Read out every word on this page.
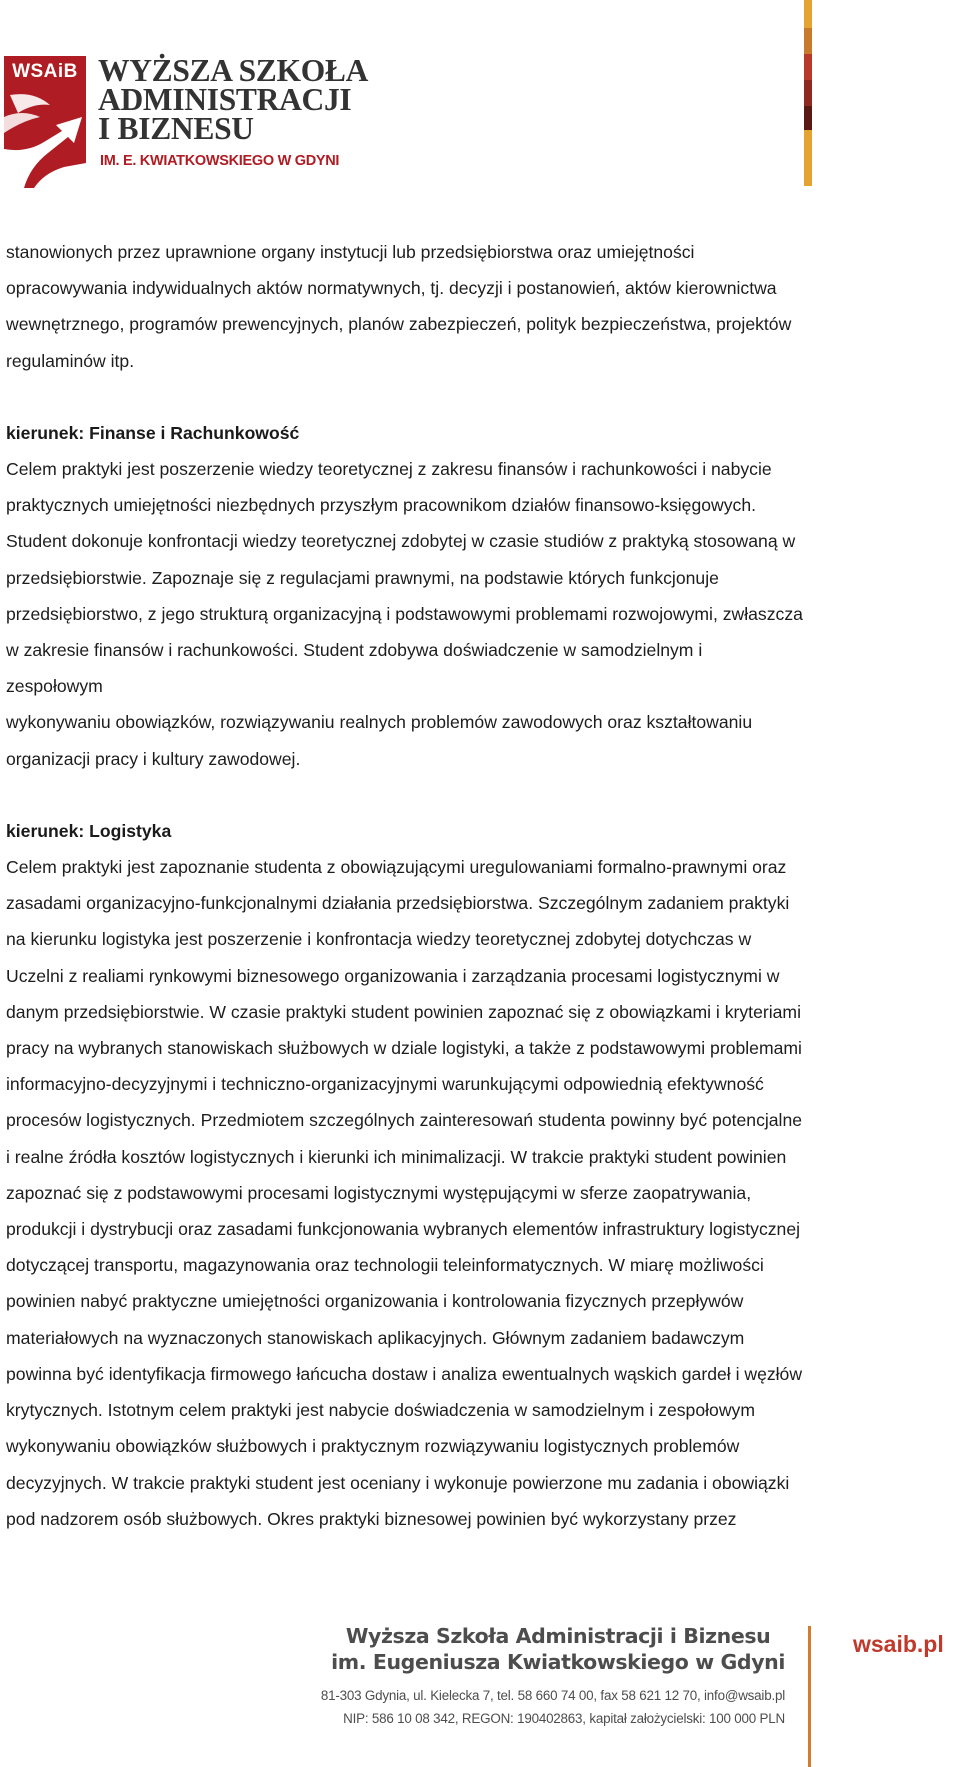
WSAiB WYŻSZA SZKOŁA
ADMINISTRACJI
I BIZNESU
IM. E. KWIATKOWSKIEGO W GDYNI
stanowionych przez uprawnione organy instytucji lub przedsiębiorstwa oraz umiejętności
opracowywania indywidualnych aktów normatywnych, tj. decyzji i postanowień, aktów kierownictwa
wewnętrznego, programów prewencyjnych, planów zabezpieczeń, polityk bezpieczeństwa, projektów
regulaminów itp.
kierunek: Finanse i Rachunkowość
Celem praktyki jest poszerzenie wiedzy teoretycznej z zakresu finansów i rachunkowości i nabycie
praktycznych umiejętności niezbędnych przyszłym pracownikom działów finansowo-księgowych.
Student dokonuje konfrontacji wiedzy teoretycznej zdobytej w czasie studiów z praktyką stosowaną w
przedsiębiorstwie. Zapoznaje się z regulacjami prawnymi, na podstawie których funkcjonuje
przedsiębiorstwo, z jego strukturą organizacyjną i podstawowymi problemami rozwojowymi, zwłaszcza
w zakresie finansów i rachunkowości. Student zdobywa doświadczenie w samodzielnym i
zespołowym
wykonywaniu obowiązków, rozwiązywaniu realnych problemów zawodowych oraz kształtowaniu
organizacji pracy i kultury zawodowej.
kierunek: Logistyka
Celem praktyki jest zapoznanie studenta z obowiązującymi uregulowaniami formalno-prawnymi oraz
zasadami organizacyjno-funkcjonalnymi działania przedsiębiorstwa. Szczególnym zadaniem praktyki
na kierunku logistyka jest poszerzenie i konfrontacja wiedzy teoretycznej zdobytej dotychczas w
Uczelni z realiami rynkowymi biznesowego organizowania i zarządzania procesami logistycznymi w
danym przedsiębiorstwie. W czasie praktyki student powinien zapoznać się z obowiązkami i kryteriami
pracy na wybranych stanowiskach służbowych w dziale logistyki, a także z podstawowymi problemami
informacyjno-decyzyjnymi i techniczno-organizacyjnymi warunkującymi odpowiednią efektywność
procesów logistycznych. Przedmiotem szczególnych zainteresowań studenta powinny być potencjalne
i realne źródła kosztów logistycznych i kierunki ich minimalizacji. W trakcie praktyki student powinien
zapoznać się z podstawowymi procesami logistycznymi występującymi w sferze zaopatrywania,
produkcji i dystrybucji oraz zasadami funkcjonowania wybranych elementów infrastruktury logistycznej
dotyczącej transportu, magazynowania oraz technologii teleinformatycznych. W miarę możliwości
powinien nabyć praktyczne umiejętności organizowania i kontrolowania fizycznych przepływów
materiałowych na wyznaczonych stanowiskach aplikacyjnych. Głównym zadaniem badawczym
powinna być identyfikacja firmowego łańcucha dostaw i analiza ewentualnych wąskich gardeł i węzłów
krytycznych. Istotnym celem praktyki jest nabycie doświadczenia w samodzielnym i zespołowym
wykonywaniu obowiązków służbowych i praktycznym rozwiązywaniu logistycznych problemów
decyzyjnych. W trakcie praktyki student jest oceniany i wykonuje powierzone mu zadania i obowiązki
pod nadzorem osób służbowych. Okres praktyki biznesowej powinien być wykorzystany przez
Wyższa Szkoła Administracji i Biznesu
im. Eugeniusza Kwiatkowskiego w Gdyni
81-303 Gdynia, ul. Kielecka 7, tel. 58 660 74 00, fax 58 621 12 70, info@wsaib.pl
NIP: 586 10 08 342, REGON: 190402863, kapitał założycielski: 100 000 PLN
wsaib.pl
